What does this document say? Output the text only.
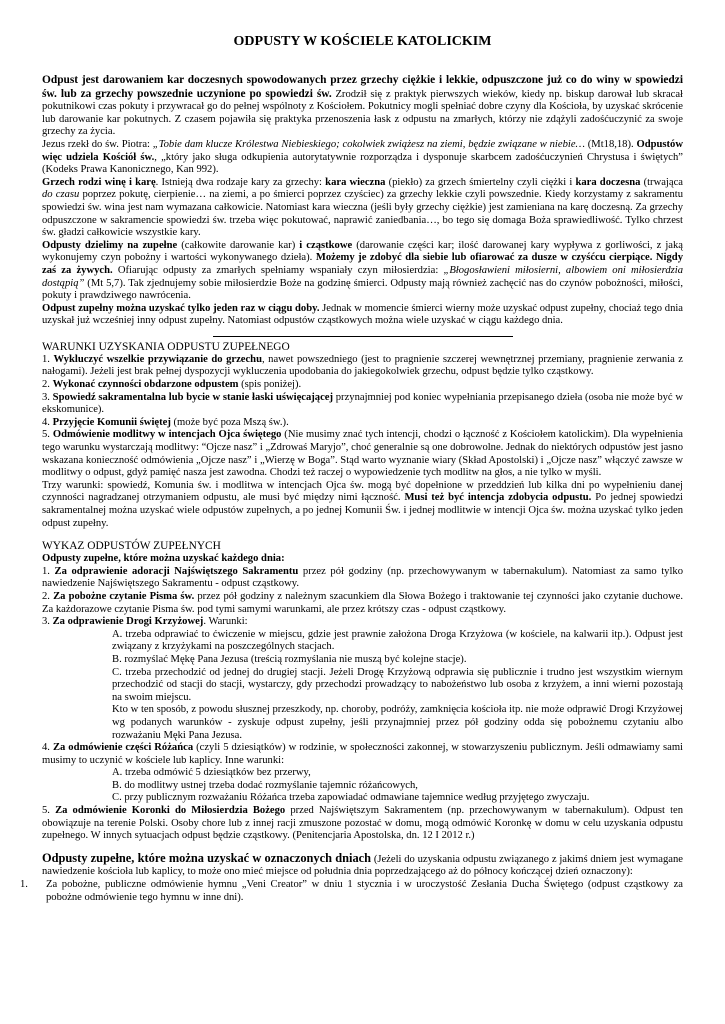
ODPUSTY W KOŚCIELE KATOLICKIM

Odpust jest darowaniem kar doczesnych spowodowanych przez grzechy ciężkie i lekkie, odpuszczone już co do winy w spowiedzi św. lub za grzechy powszednie uczynione po spowiedzi św. Zrodził się z praktyk pierwszych wieków, kiedy np. biskup darował lub skracał pokutnikowi czas pokuty i przywracał go do pełnej wspólnoty z Kościołem. Pokutnicy mogli spełniać dobre czyny dla Kościoła, by uzyskać skrócenie lub darowanie kar pokutnych. Z czasem pojawiła się praktyka przenoszenia łask z odpustu na zmarłych, którzy nie zdążyli zadośćuczynić za swoje grzechy za życia.

Jezus rzekł do św. Piotra: „Tobie dam klucze Królestwa Niebieskiego; cokolwiek zwiążesz na ziemi, będzie związane w niebie… (Mt18,18). Odpustów więc udziela Kościół św., „który jako sługa odkupienia autorytatywnie rozporządza i dysponuje skarbcem zadośćuczynień Chrystusa i świętych” (Kodeks Prawa Kanonicznego, Kan 992).

Grzech rodzi winę i karę. Istnieją dwa rodzaje kary za grzechy: kara wieczna (piekło) za grzech śmiertelny czyli ciężki i kara doczesna (trwająca do czasu poprzez pokutę, cierpienie… na ziemi, a po śmierci poprzez czyściec) za grzechy lekkie czyli powszednie. Kiedy korzystamy z sakramentu spowiedzi św. wina jest nam wymazana całkowicie. Natomiast kara wieczna (jeśli były grzechy ciężkie) jest zamieniana na karę doczesną. Za grzechy odpuszczone w sakramencie spowiedzi św. trzeba więc pokutować, naprawić zaniedbania…, bo tego się domaga Boża sprawiedliwość. Tylko chrzest św. gładzi całkowicie wszystkie kary.

Odpusty dzielimy na zupełne (całkowite darowanie kar) i cząstkowe (darowanie części kar; ilość darowanej kary wypływa z gorliwości, z jaką wykonujemy czyn pobożny i wartości wykonywanego dzieła). Możemy je zdobyć dla siebie lub ofiarować za dusze w czyśćcu cierpiące. Nigdy zaś za żywych. Ofiarując odpusty za zmarłych spełniamy wspaniały czyn miłosierdzia: „Błogosławieni miłosierni, albowiem oni miłosierdzia dostąpią” (Mt 5,7). Tak zjednujemy sobie miłosierdzie Boże na godzinę śmierci. Odpusty mają również zachęcić nas do czynów pobożności, miłości, pokuty i prawdziwego nawrócenia.

Odpust zupełny można uzyskać tylko jeden raz w ciągu doby. Jednak w momencie śmierci wierny może uzyskać odpust zupełny, chociaż tego dnia uzyskał już wcześniej inny odpust zupełny. Natomiast odpustów cząstkowych można wiele uzyskać w ciągu każdego dnia.

WARUNKI UZYSKANIA ODPUSTU ZUPEŁNEGO

1. Wykluczyć wszelkie przywiązanie do grzechu, nawet powszedniego (jest to pragnienie szczerej wewnętrznej przemiany, pragnienie zerwania z nałogami). Jeżeli jest brak pełnej dyspozycji wykluczenia upodobania do jakiegokolwiek grzechu, odpust będzie tylko cząstkowy.

2. Wykonać czynności obdarzone odpustem (spis poniżej).

3. Spowiedź sakramentalna lub bycie w stanie łaski uświęcającej przynajmniej pod koniec wypełniania przepisanego dzieła (osoba nie może być w ekskomunice).

4. Przyjęcie Komunii świętej (może być poza Mszą św.).

5. Odmówienie modlitwy w intencjach Ojca świętego (Nie musimy znać tych intencji, chodzi o łączność z Kościołem katolickim). Dla wypełnienia tego warunku wystarczają modlitwy: “Ojcze nasz” i „Zdrowaś Maryjo”, choć generalnie są one dobrowolne. Jednak do niektórych odpustów jest jasno wskazana konieczność odmówienia „Ojcze nasz” i „Wierzę w Boga”. Stąd warto wyznanie wiary (Skład Apostolski) i „Ojcze nasz” włączyć zawsze w modlitwy o odpust, gdyż pamięć nasza jest zawodna. Chodzi też raczej o wypowiedzenie tych modlitw na głos, a nie tylko w myśli.

Trzy warunki: spowiedź, Komunia św. i modlitwa w intencjach Ojca św. mogą być dopełnione w przeddzień lub kilka dni po wypełnieniu danej czynności nagradzanej otrzymaniem odpustu, ale musi być między nimi łączność. Musi też być intencja zdobycia odpustu. Po jednej spowiedzi sakramentalnej można uzyskać wiele odpustów zupełnych, a po jednej Komunii Św. i jednej modlitwie w intencji Ojca św. można uzyskać tylko jeden odpust zupełny.

WYKAZ ODPUSTÓW ZUPEŁNYCH

Odpusty zupełne, które można uzyskać każdego dnia:

1. Za odprawienie adoracji Najświętszego Sakramentu przez pół godziny (np. przechowywanym w tabernakulum). Natomiast za samo tylko nawiedzenie Najświętszego Sakramentu - odpust cząstkowy.

2. Za pobożne czytanie Pisma św. przez pół godziny z należnym szacunkiem dla Słowa Bożego i traktowanie tej czynności jako czytanie duchowe. Za każdorazowe czytanie Pisma św. pod tymi samymi warunkami, ale przez krótszy czas - odpust cząstkowy.

3. Za odprawienie Drogi Krzyżowej. Warunki:

A. trzeba odprawiać to ćwiczenie w miejscu, gdzie jest prawnie założona Droga Krzyżowa (w kościele, na kalwarii itp.). Odpust jest związany z krzyżykami na poszczególnych stacjach.

B. rozmyślać Mękę Pana Jezusa (treścią rozmyślania nie muszą być kolejne stacje).

C. trzeba przechodzić od jednej do drugiej stacji. Jeżeli Drogę Krzyżową odprawia się publicznie i trudno jest wszystkim wiernym przechodzić od stacji do stacji, wystarczy, gdy przechodzi prowadzący to nabożeństwo lub osoba z krzyżem, a inni wierni pozostają na swoim miejscu.

Kto w ten sposób, z powodu słusznej przeszkody, np. choroby, podróży, zamknięcia kościoła itp. nie może odprawić Drogi Krzyżowej wg podanych warunków - zyskuje odpust zupełny, jeśli przynajmniej przez pół godziny odda się pobożnemu czytaniu albo rozważaniu Męki Pana Jezusa.

4. Za odmówienie części Różańca (czyli 5 dziesiątków) w rodzinie, w społeczności zakonnej, w stowarzyszeniu publicznym. Jeśli odmawiamy sami musimy to uczynić w kościele lub kaplicy. Inne warunki:

A. trzeba odmówić 5 dziesiątków bez przerwy,

B. do modlitwy ustnej trzeba dodać rozmyślanie tajemnic różańcowych,

C. przy publicznym rozważaniu Różańca trzeba zapowiadać odmawiane tajemnice według przyjętego zwyczaju.

5. Za odmówienie Koronki do Miłosierdzia Bożego przed Najświętszym Sakramentem (np. przechowywanym w tabernakulum). Odpust ten obowiązuje na terenie Polski. Osoby chore lub z innej racji zmuszone pozostać w domu, mogą odmówić Koronkę w domu w celu uzyskania odpustu zupełnego. W innych sytuacjach odpust będzie cząstkowy. (Penitencjaria Apostolska, dn. 12 I 2012 r.)

Odpusty zupełne, które można uzyskać w oznaczonych dniach (Jeżeli do uzyskania odpustu związanego z jakimś dniem jest wymagane nawiedzenie kościoła lub kaplicy, to może ono mieć miejsce od południa dnia poprzedzającego aż do północy kończącej dzień oznaczony):

1.	Za pobożne, publiczne odmówienie hymnu „Veni Creator” w dniu 1 stycznia i w uroczystość Zesłania Ducha Świętego (odpust cząstkowy za pobożne odmówienie tego hymnu w inne dni).
